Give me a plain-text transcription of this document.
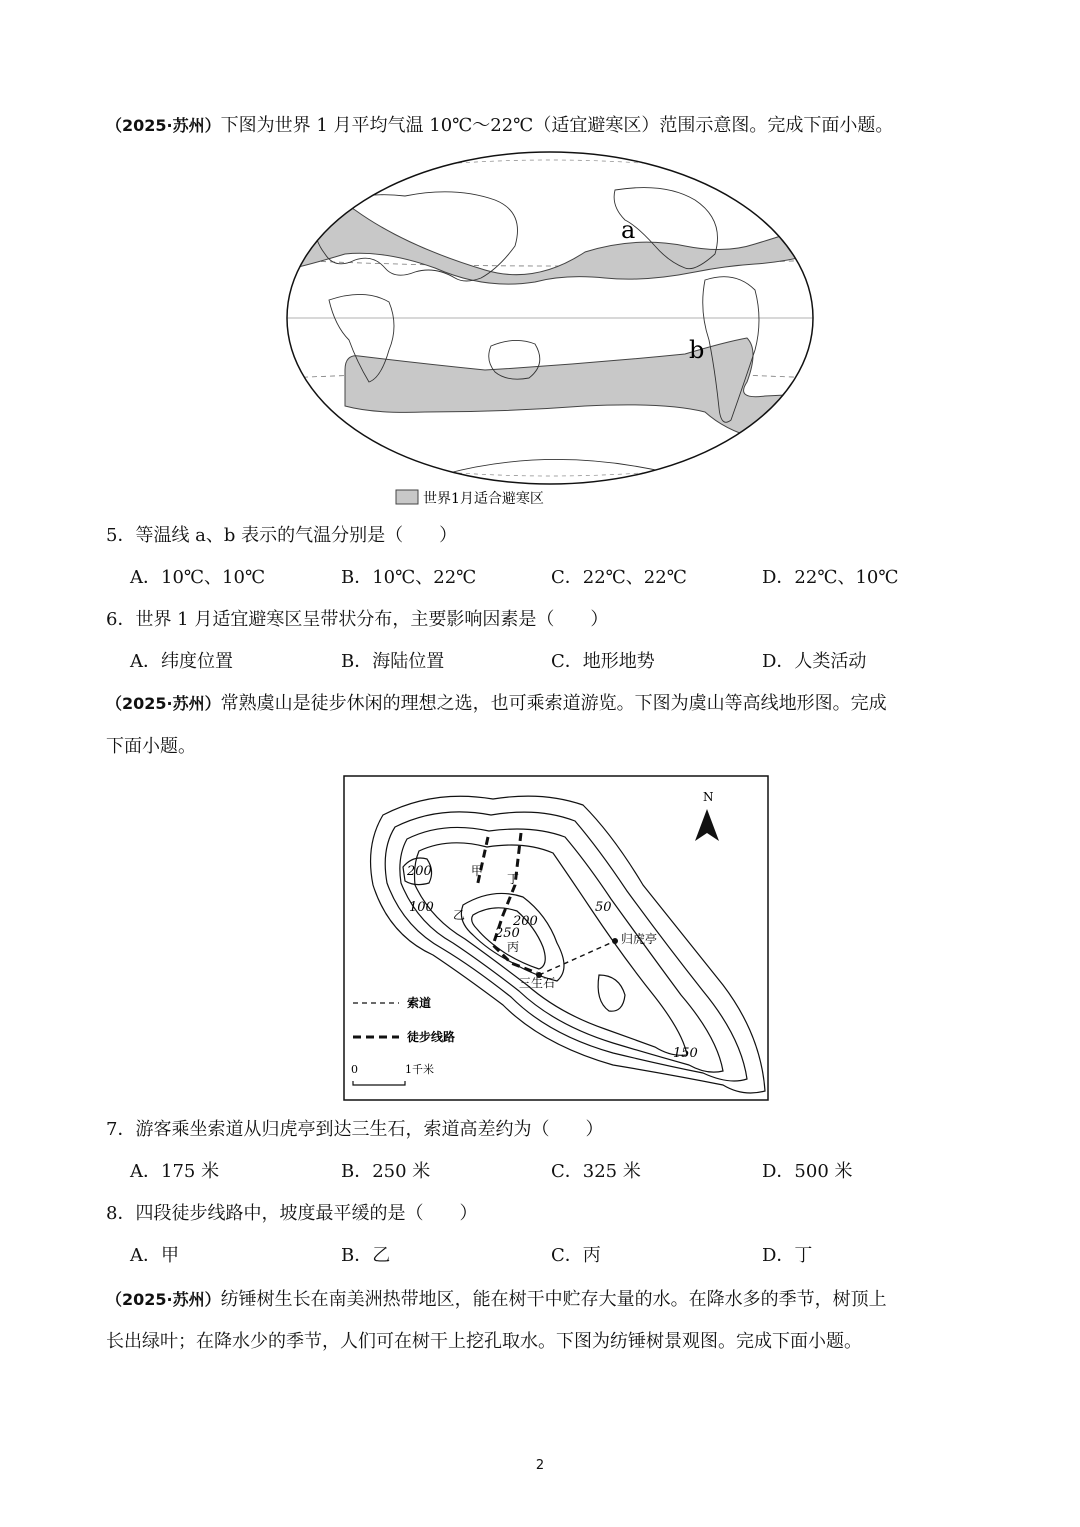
（2025·苏州）下图为世界 1 月平均气温 10℃～22℃（适宜避寒区）范围示意图。完成下面小题。
a
b
世界1月适合避寒区
5．等温线 a、b 表示的气温分别是（　　）
A．10℃、10℃	B．10℃、22℃	C．22℃、22℃	D．22℃、10℃
6．世界 1 月适宜避寒区呈带状分布，主要影响因素是（　　）
A．纬度位置	B．海陆位置	C．地形地势	D．人类活动
（2025·苏州）常熟虞山是徒步休闲的理想之选，也可乘索道游览。下图为虞山等高线地形图。完成
下面小题。
N
200
100
250
200
50
150
甲
乙
丙
丁
归虎亭
三生石
索道
徒步线路
0	1千米
7．游客乘坐索道从归虎亭到达三生石，索道高差约为（　　）
A．175 米	B．250 米	C．325 米	D．500 米
8．四段徒步线路中，坡度最平缓的是（　　）
A．甲	B．乙	C．丙	D．丁
（2025·苏州）纺锤树生长在南美洲热带地区，能在树干中贮存大量的水。在降水多的季节，树顶上
长出绿叶；在降水少的季节，人们可在树干上挖孔取水。下图为纺锤树景观图。完成下面小题。
2
